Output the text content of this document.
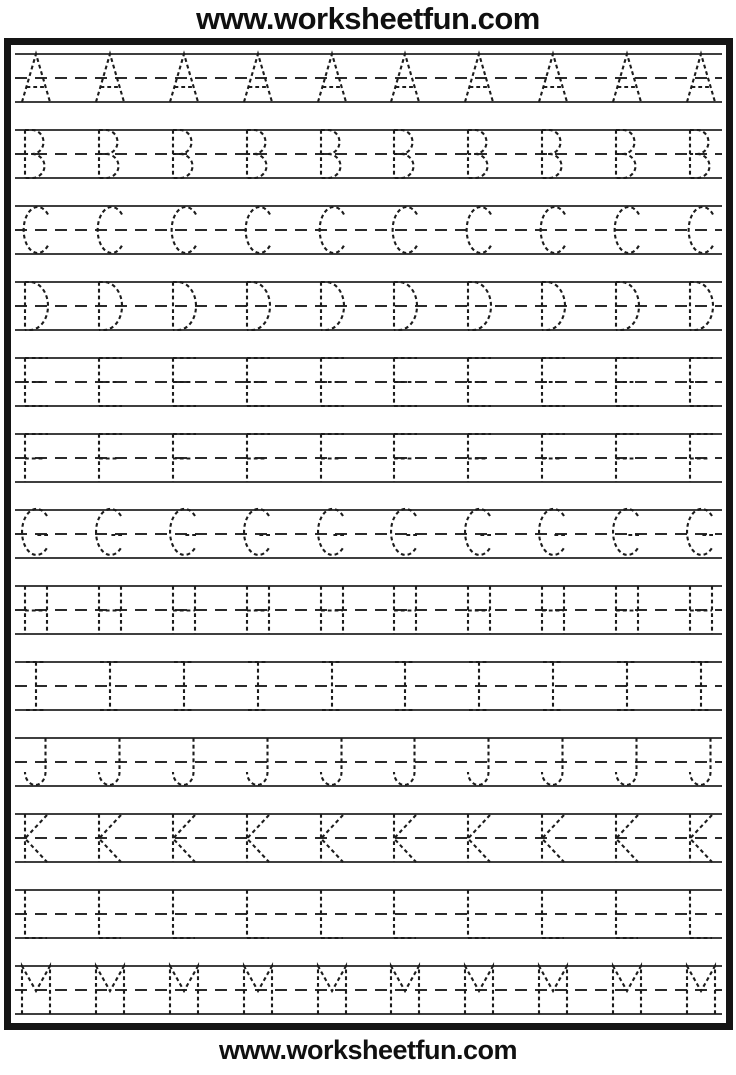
www.worksheetfun.com
www.worksheetfun.com
